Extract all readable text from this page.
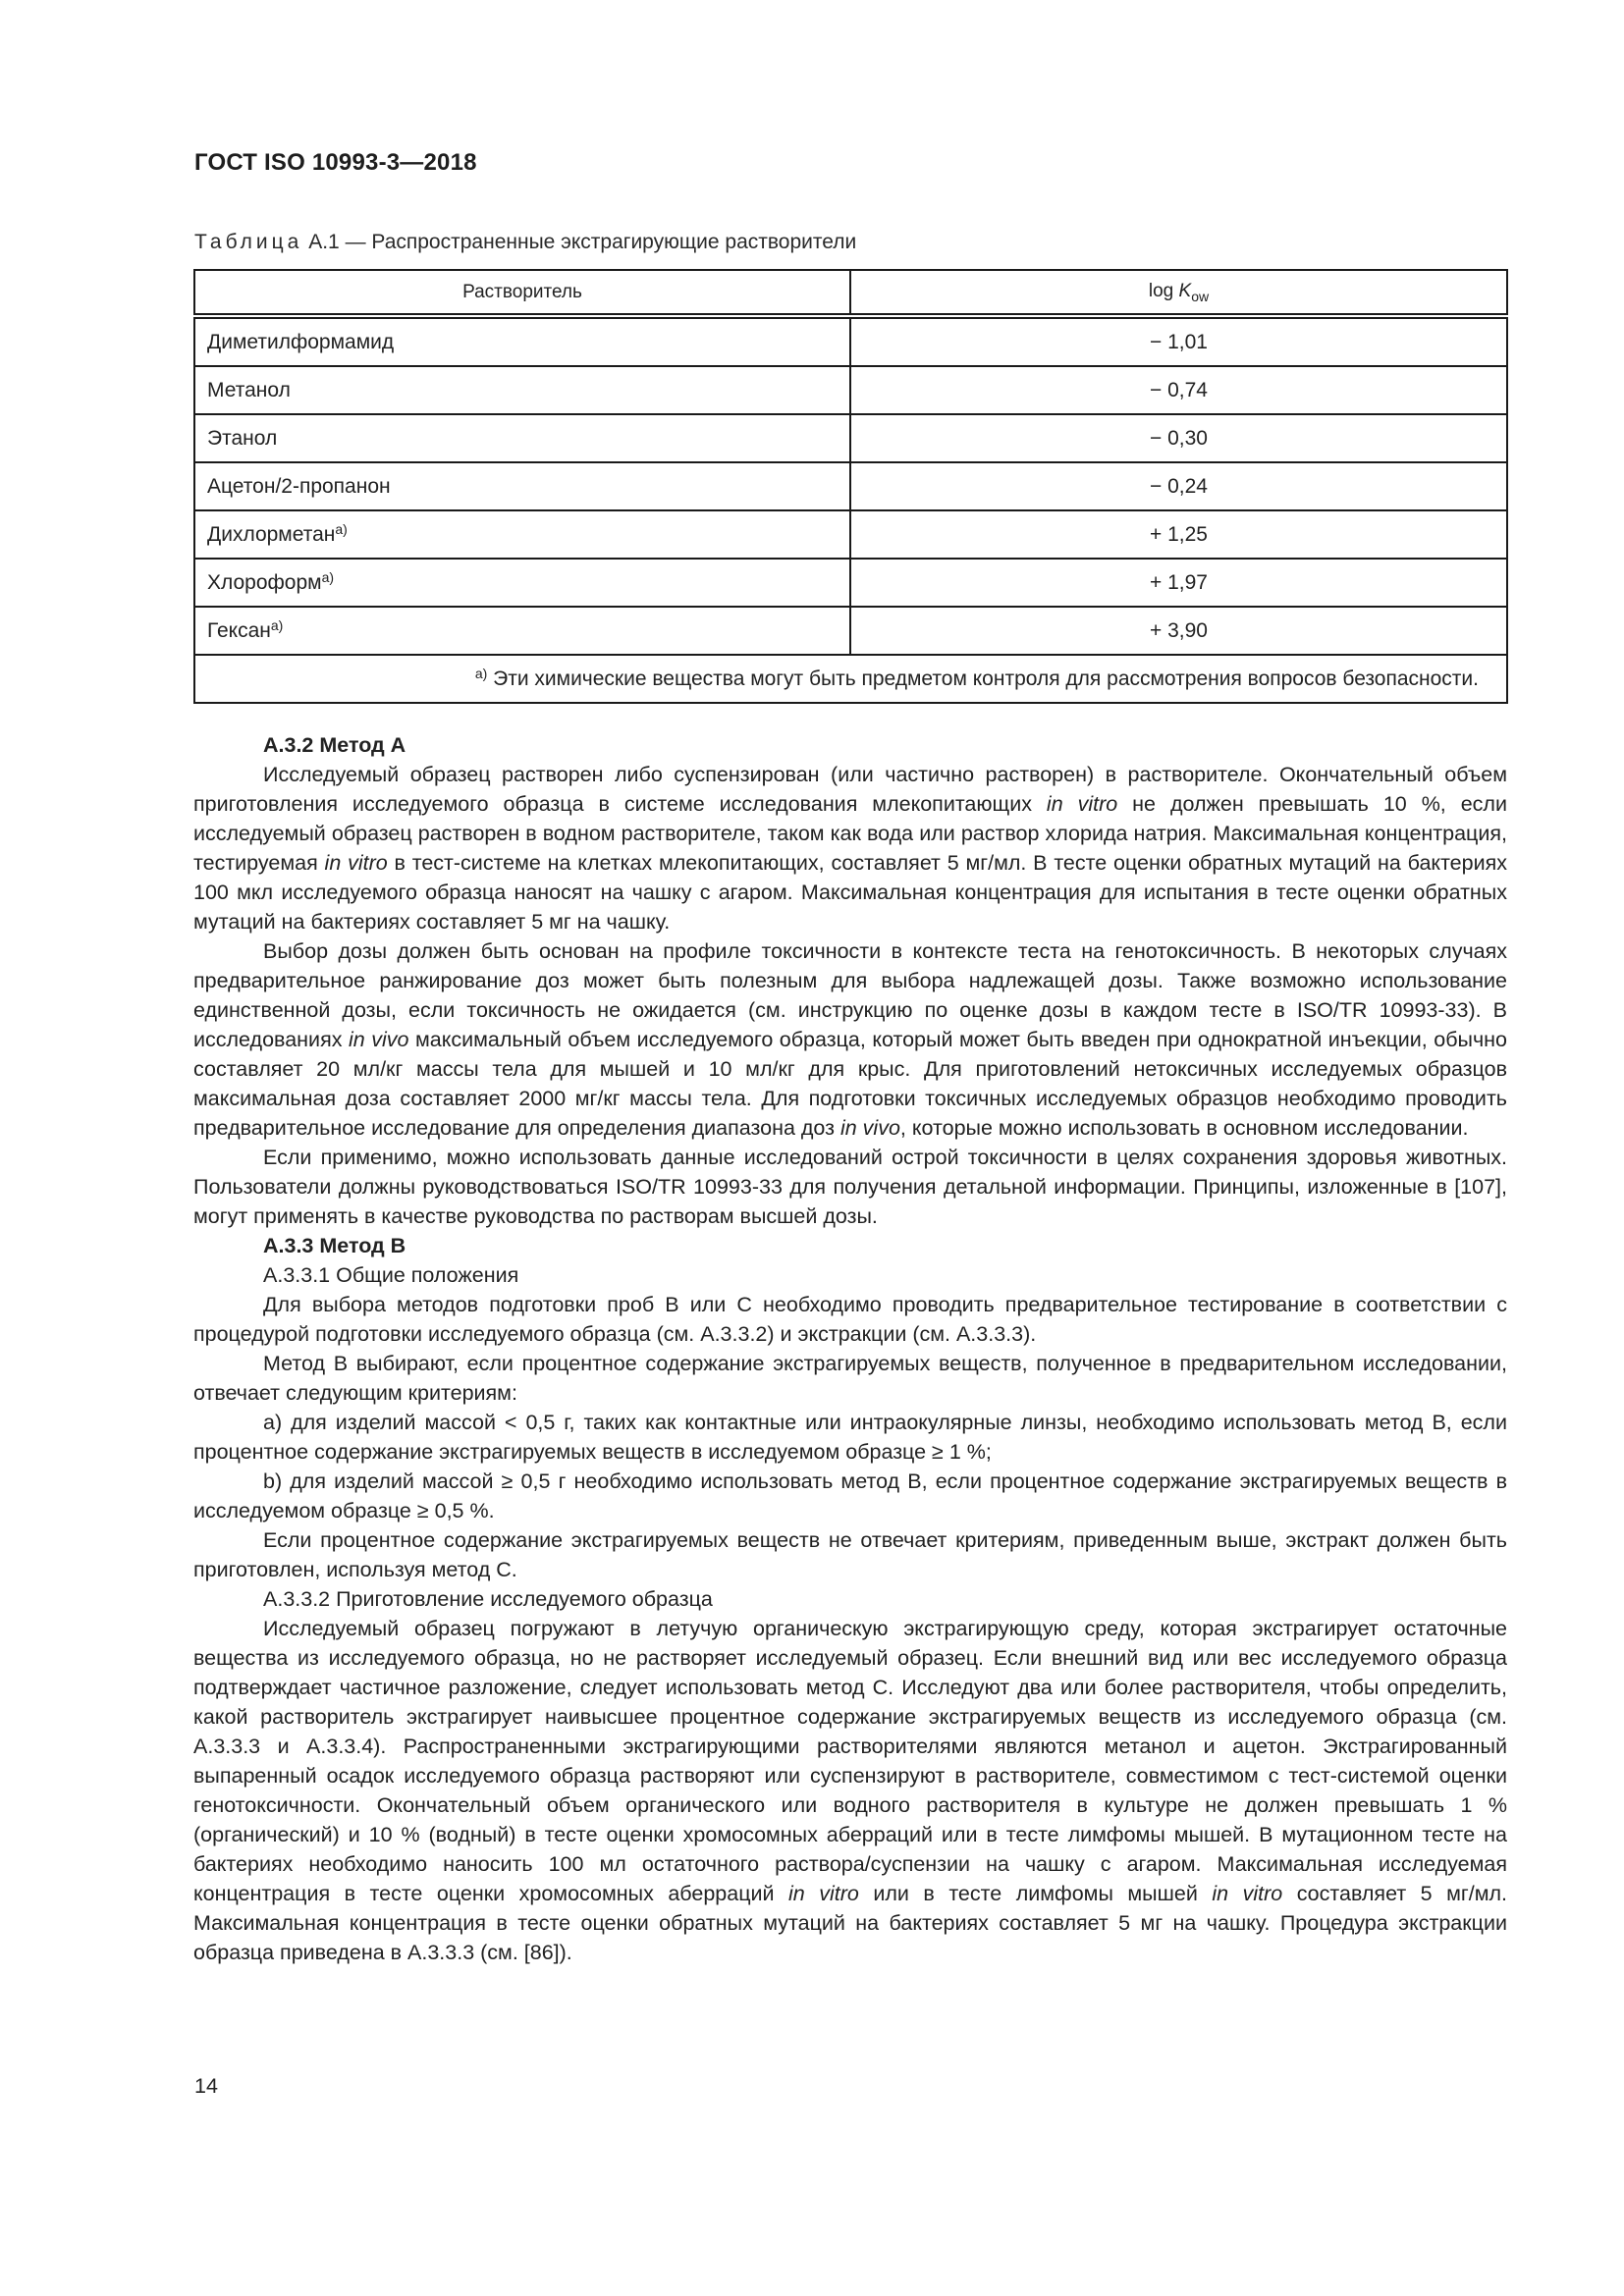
ГОСТ ISO 10993-3—2018
Таблица А.1 — Распространенные экстрагирующие растворители
Растворитель	$\log K_{ow}$
Диметилформамид	− 1,01
Метанол	− 0,74
Этанол	− 0,30
Ацетон/2-пропанон	− 0,24
Дихлорметан$^{а)}$	+ 1,25
Хлороформ$^{а)}$	+ 1,97
Гексан$^{а)}$	+ 3,90
$^{а)}$ Эти химические вещества могут быть предметом контроля для рассмотрения вопросов безопасности.	

А.3.2 Метод А

Исследуемый образец растворен либо суспензирован (или частично растворен) в растворителе. Окончательный объем приготовления исследуемого образца в системе исследования млекопитающих in vitro не должен превышать 10 %, если исследуемый образец растворен в водном растворителе, таком как вода или раствор хлорида натрия. Максимальная концентрация, тестируемая in vitro в тест-системе на клетках млекопитающих, составляет 5 мг/мл. В тесте оценки обратных мутаций на бактериях 100 мкл исследуемого образца наносят на чашку с агаром. Максимальная концентрация для испытания в тесте оценки обратных мутаций на бактериях составляет 5 мг на чашку.

Выбор дозы должен быть основан на профиле токсичности в контексте теста на генотоксичность. В некоторых случаях предварительное ранжирование доз может быть полезным для выбора надлежащей дозы. Также возможно использование единственной дозы, если токсичность не ожидается (см. инструкцию по оценке дозы в каждом тесте в ISO/TR 10993-33). В исследованиях in vivo максимальный объем исследуемого образца, который может быть введен при однократной инъекции, обычно составляет 20 мл/кг массы тела для мышей и 10 мл/кг для крыс. Для приготовлений нетоксичных исследуемых образцов максимальная доза составляет 2000 мг/кг массы тела. Для подготовки токсичных исследуемых образцов необходимо проводить предварительное исследование для определения диапазона доз in vivo, которые можно использовать в основном исследовании.

Если применимо, можно использовать данные исследований острой токсичности в целях сохранения здоровья животных. Пользователи должны руководствоваться ISO/TR 10993-33 для получения детальной информации. Принципы, изложенные в [107], могут применять в качестве руководства по растворам высшей дозы.

А.3.3 Метод В

А.3.3.1 Общие положения

Для выбора методов подготовки проб В или С необходимо проводить предварительное тестирование в соответствии с процедурой подготовки исследуемого образца (см. А.3.3.2) и экстракции (см. А.3.3.3).

Метод В выбирают, если процентное содержание экстрагируемых веществ, полученное в предварительном исследовании, отвечает следующим критериям:

а) для изделий массой < 0,5 г, таких как контактные или интраокулярные линзы, необходимо использовать метод В, если процентное содержание экстрагируемых веществ в исследуемом образце ≥ 1 %;

b) для изделий массой ≥ 0,5 г необходимо использовать метод В, если процентное содержание экстрагируемых веществ в исследуемом образце ≥ 0,5 %.

Если процентное содержание экстрагируемых веществ не отвечает критериям, приведенным выше, экстракт должен быть приготовлен, используя метод С.

А.3.3.2 Приготовление исследуемого образца

Исследуемый образец погружают в летучую органическую экстрагирующую среду, которая экстрагирует остаточные вещества из исследуемого образца, но не растворяет исследуемый образец. Если внешний вид или вес исследуемого образца подтверждает частичное разложение, следует использовать метод С. Исследуют два или более растворителя, чтобы определить, какой растворитель экстрагирует наивысшее процентное содержание экстрагируемых веществ из исследуемого образца (см. А.3.3.3 и А.3.3.4). Распространенными экстрагирующими растворителями являются метанол и ацетон. Экстрагированный выпаренный осадок исследуемого образца растворяют или суспензируют в растворителе, совместимом с тест-системой оценки генотоксичности. Окончательный объем органического или водного растворителя в культуре не должен превышать 1 % (органический) и 10 % (водный) в тесте оценки хромосомных аберраций или в тесте лимфомы мышей. В мутационном тесте на бактериях необходимо наносить 100 мл остаточного раствора/суспензии на чашку с агаром. Максимальная исследуемая концентрация в тесте оценки хромосомных аберраций in vitro или в тесте лимфомы мышей in vitro составляет 5 мг/мл. Максимальная концентрация в тесте оценки обратных мутаций на бактериях составляет 5 мг на чашку. Процедура экстракции образца приведена в А.3.3.3 (см. [86]).

14
